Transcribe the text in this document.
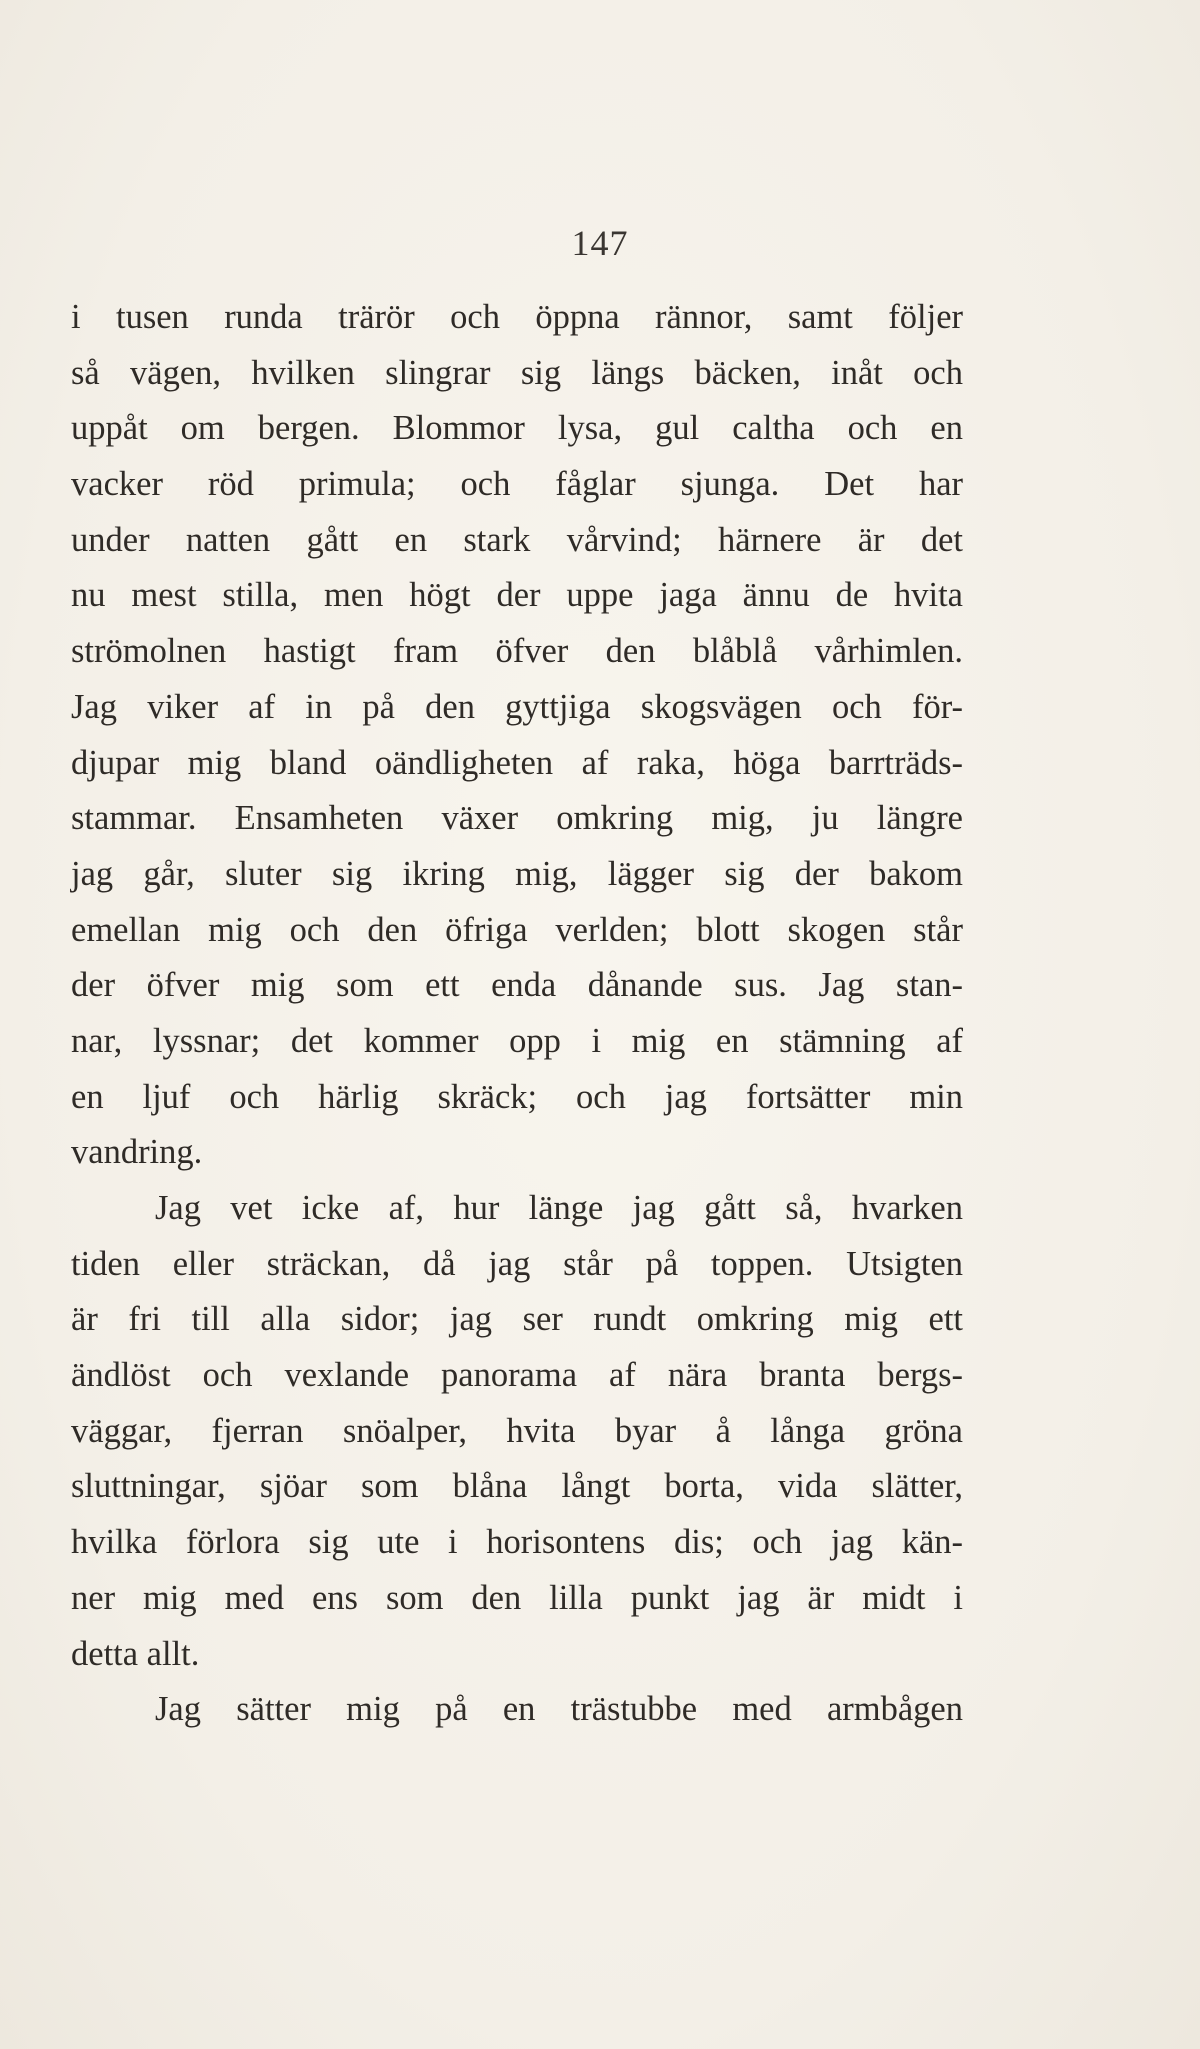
147
i tusen runda trärör och öppna rännor, samt följer
så vägen, hvilken slingrar sig längs bäcken, inåt och
uppåt om bergen. Blommor lysa, gul caltha och en
vacker röd primula; och fåglar sjunga. Det har
under natten gått en stark vårvind; härnere är det
nu mest stilla, men högt der uppe jaga ännu de hvita
strömolnen hastigt fram öfver den blåblå vårhimlen.
Jag viker af in på den gyttjiga skogsvägen och för-
djupar mig bland oändligheten af raka, höga barrträds-
stammar. Ensamheten växer omkring mig, ju längre
jag går, sluter sig ikring mig, lägger sig der bakom
emellan mig och den öfriga verlden; blott skogen står
der öfver mig som ett enda dånande sus. Jag stan-
nar, lyssnar; det kommer opp i mig en stämning af
en ljuf och härlig skräck; och jag fortsätter min
vandring.
Jag vet icke af, hur länge jag gått så, hvarken
tiden eller sträckan, då jag står på toppen. Utsigten
är fri till alla sidor; jag ser rundt omkring mig ett
ändlöst och vexlande panorama af nära branta bergs-
väggar, fjerran snöalper, hvita byar å långa gröna
sluttningar, sjöar som blåna långt borta, vida slätter,
hvilka förlora sig ute i horisontens dis; och jag kän-
ner mig med ens som den lilla punkt jag är midt i
detta allt.
Jag sätter mig på en trästubbe med armbågen
